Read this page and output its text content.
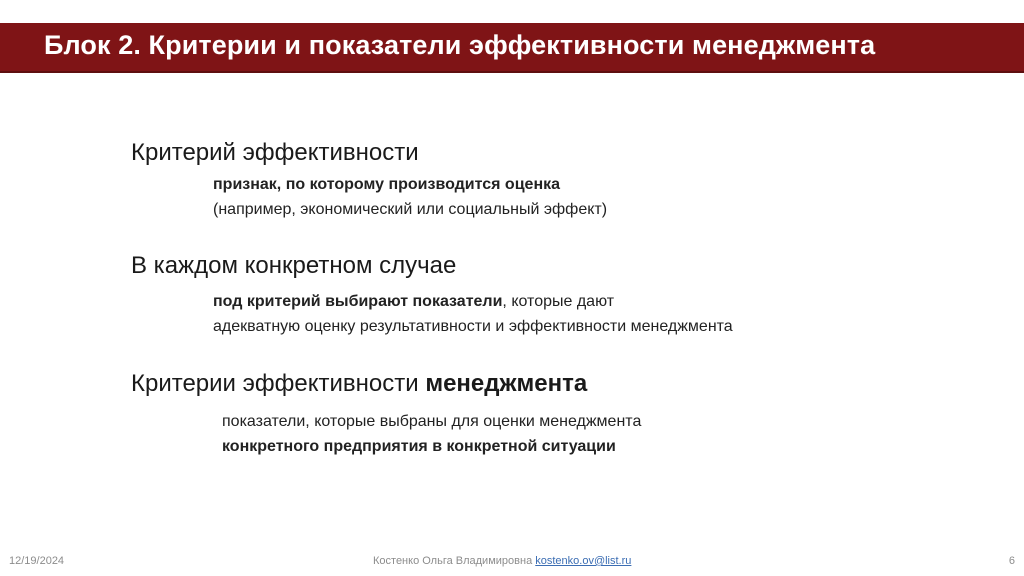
Блок 2. Критерии и показатели эффективности менеджмента
Критерий эффективности
признак, по которому производится оценка
(например, экономический или социальный эффект)
В каждом конкретном случае
под критерий выбирают показатели, которые дают
адекватную оценку результативности и эффективности менеджмента
Критерии эффективности менеджмента
показатели, которые выбраны для оценки менеджмента
конкретного предприятия в конкретной ситуации
12/19/2024	Костенко Ольга Владимировна kostenko.ov@list.ru	6
